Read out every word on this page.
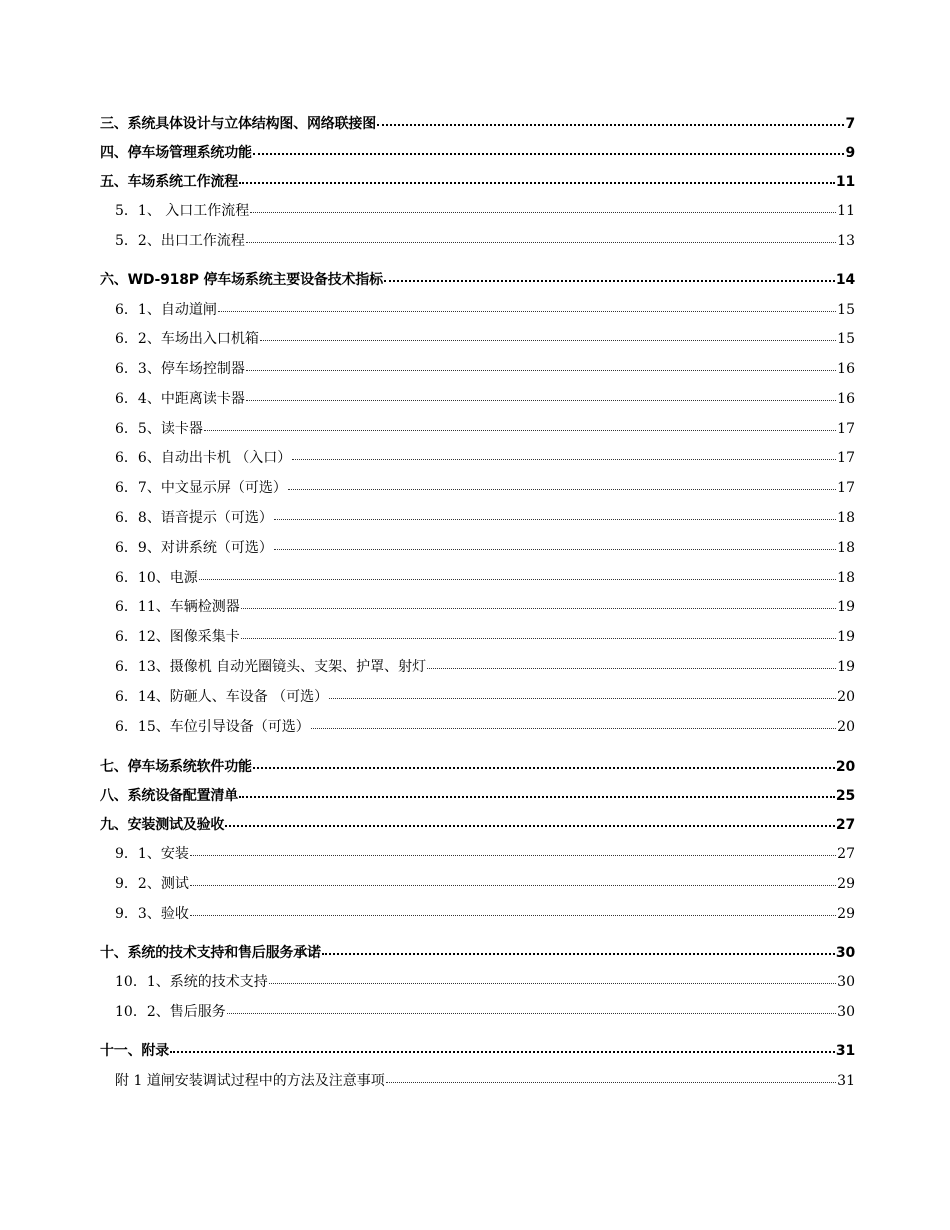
三、系统具体设计与立体结构图、网络联接图	7
四、停车场管理系统功能	9
五、车场系统工作流程	11
5．1、 入口工作流程	11
5．2、出口工作流程	13
六、WD-918P 停车场系统主要设备技术指标	14
6．1、自动道闸	15
6．2、车场出入口机箱	15
6．3、停车场控制器	16
6．4、中距离读卡器	16
6．5、读卡器	17
6．6、自动出卡机 （入口）	17
6．7、中文显示屏（可选）	17
6．8、语音提示（可选）	18
6．9、对讲系统（可选）	18
6．10、电源	18
6．11、车辆检测器	19
6．12、图像采集卡	19
6．13、摄像机 自动光圈镜头、支架、护罩、射灯	19
6．14、防砸人、车设备 （可选）	20
6．15、车位引导设备（可选）	20
七、停车场系统软件功能	20
八、系统设备配置清单	25
九、安装测试及验收	27
9．1、安装	27
9．2、测试	29
9．3、验收	29
十、系统的技术支持和售后服务承诺	30
10．1、系统的技术支持	30
10．2、售后服务	30
十一、附录	31
附 1 道闸安装调试过程中的方法及注意事项	31
